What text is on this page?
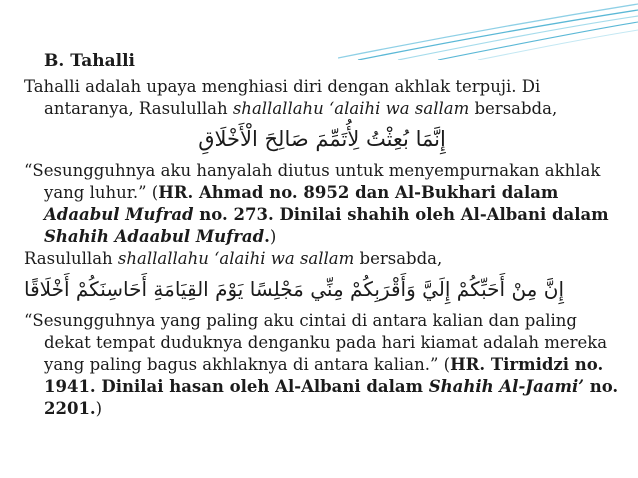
B. Tahalli

Tahalli adalah upaya menghiasi diri dengan akhlak terpuji. Di antaranya, Rasulullah shallallahu ‘alaihi wa sallam bersabda,

إِنَّمَا بُعِثْتُ لِأُتَمِّمَ صَالِحَ الْأَخْلَاقِ

“Sesungguhnya aku hanyalah diutus untuk menyempurnakan akhlak yang luhur.” (HR. Ahmad no. 8952 dan Al-Bukhari dalam Adaabul Mufrad no. 273. Dinilai shahih oleh Al-Albani dalam Shahih Adaabul Mufrad.)

Rasulullah shallallahu ‘alaihi wa sallam bersabda,

إِنَّ مِنْ أَحَبِّكُمْ إِلَيَّ وَأَقْرَبِكُمْ مِنِّي مَجْلِسًا يَوْمَ القِيَامَةِ أَحَاسِنَكُمْ أَخْلَاقًا

“Sesungguhnya yang paling aku cintai di antara kalian dan paling dekat tempat duduknya denganku pada hari kiamat adalah mereka yang paling bagus akhlaknya di antara kalian.” (HR. Tirmidzi no. 1941. Dinilai hasan oleh Al-Albani dalam Shahih Al-Jaami’ no. 2201.)
